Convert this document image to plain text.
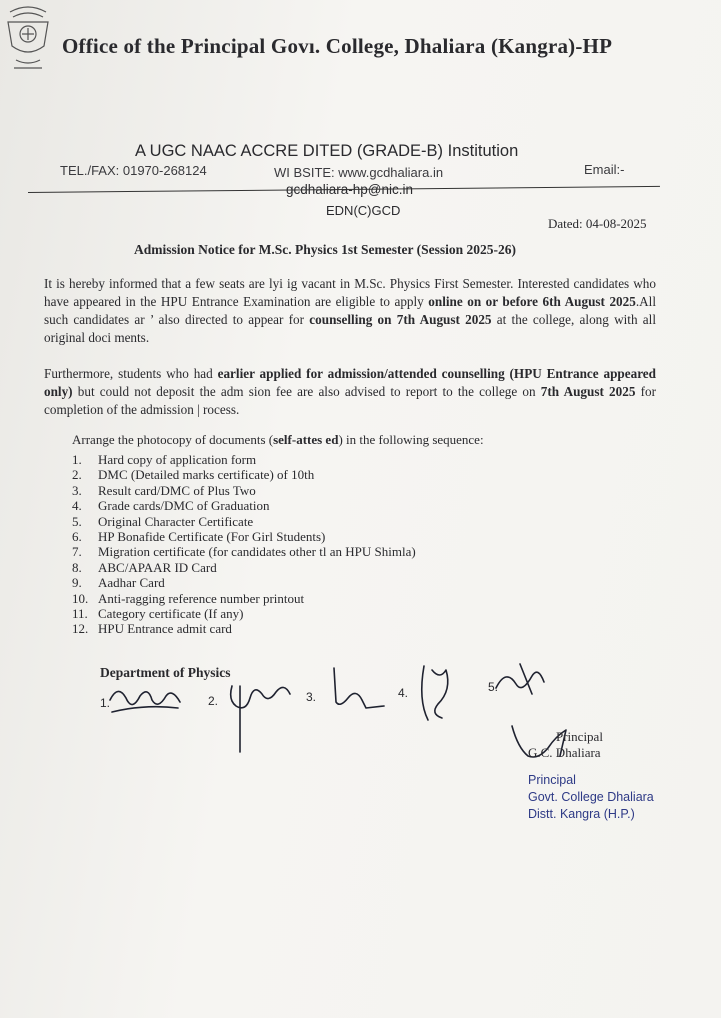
Office of the Principal Govı. College, Dhaliara (Kangra)-HP
A UGC NAAC ACCRE DITED (GRADE-B) Institution
TEL./FAX: 01970-268124	WI BSITE: www.gcdhaliara.in	Email:-
gcdhaliara-hp@nic.in
EDN(C)GCD
Dated: 04-08-2025
Admission Notice for M.Sc. Physics 1st Semester (Session 2025-26)
It is hereby informed that a few seats are lyi ig vacant in M.Sc. Physics First Semester. Interested candidates who have appeared in the HPU Entrance Examination are eligible to apply online on or before 6th August 2025.All such candidates ar ’ also directed to appear for counselling on 7th August 2025 at the college, along with all original doci ments.
Furthermore, students who had earlier applied for admission/attended counselling (HPU Entrance appeared only) but could not deposit the adm sion fee are also advised to report to the college on 7th August 2025 for completion of the admission | rocess.
Arrange the photocopy of documents (self-attes ed) in the following sequence:
1.	Hard copy of application form
2.	DMC (Detailed marks certificate) of 10th
3.	Result card/DMC of Plus Two
4.	Grade cards/DMC of Graduation
5.	Original Character Certificate
6.	HP Bonafide Certificate (For Girl Students)
7.	Migration certificate (for candidates other tl an HPU Shimla)
8.	ABC/APAAR ID Card
9.	Aadhar Card
10. Anti-ragging reference number printout
11. Category certificate (If any)
12. HPU Entrance admit card
Department of Physics
1.	2.	3.	4.	5.
Principal
G.C. Dhaliara
Principal
Govt. College Dhaliara
Distt. Kangra (H.P.)
